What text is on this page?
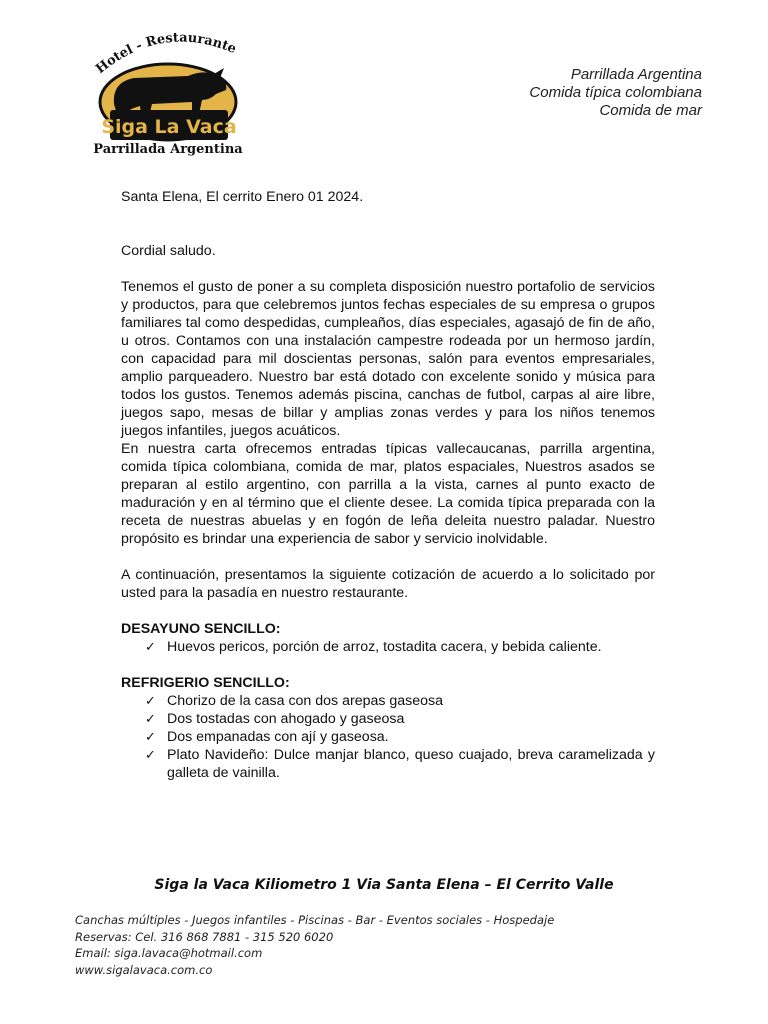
Hotel - Restaurante
Siga La Vaca
Parrillada Argentina
Parrillada Argentina
Comida típica colombiana
Comida de mar

Santa Elena, El cerrito Enero 01 2024.

Cordial saludo.

Tenemos el gusto de poner a su completa disposición nuestro portafolio de servicios y productos, para que celebremos juntos fechas especiales de su empresa o grupos familiares tal como despedidas, cumpleaños, días especiales, agasajó de fin de año, u otros. Contamos con una instalación campestre rodeada por un hermoso jardín, con capacidad para mil doscientas personas, salón para eventos empresariales, amplio parqueadero. Nuestro bar está dotado con excelente sonido y música para todos los gustos. Tenemos además piscina, canchas de futbol, carpas al aire libre, juegos sapo, mesas de billar y amplias zonas verdes y para los niños tenemos juegos infantiles, juegos acuáticos.

En nuestra carta ofrecemos entradas típicas vallecaucanas, parrilla argentina, comida típica colombiana, comida de mar, platos espaciales, Nuestros asados se preparan al estilo argentino, con parrilla a la vista, carnes al punto exacto de maduración y en al término que el cliente desee. La comida típica preparada con la receta de nuestras abuelas y en fogón de leña deleita nuestro paladar. Nuestro propósito es brindar una experiencia de sabor y servicio inolvidable.

A continuación, presentamos la siguiente cotización de acuerdo a lo solicitado por usted para la pasadía en nuestro restaurante.

DESAYUNO SENCILLO:

✓ Huevos pericos, porción de arroz, tostadita cacera, y bebida caliente.

REFRIGERIO SENCILLO:

✓ Chorizo de la casa con dos arepas gaseosa
✓ Dos tostadas con ahogado y gaseosa
✓ Dos empanadas con ají y gaseosa.
✓ Plato Navideño: Dulce manjar blanco, queso cuajado, breva caramelizada y galleta de vainilla.
Siga la Vaca Kiliometro 1 Via Santa Elena – El Cerrito Valle
Canchas múltiples - Juegos infantiles - Piscinas - Bar - Eventos sociales - Hospedaje
Reservas: Cel. 316 868 7881 - 315 520 6020
Email: siga.lavaca@hotmail.com
www.sigalavaca.com.co
